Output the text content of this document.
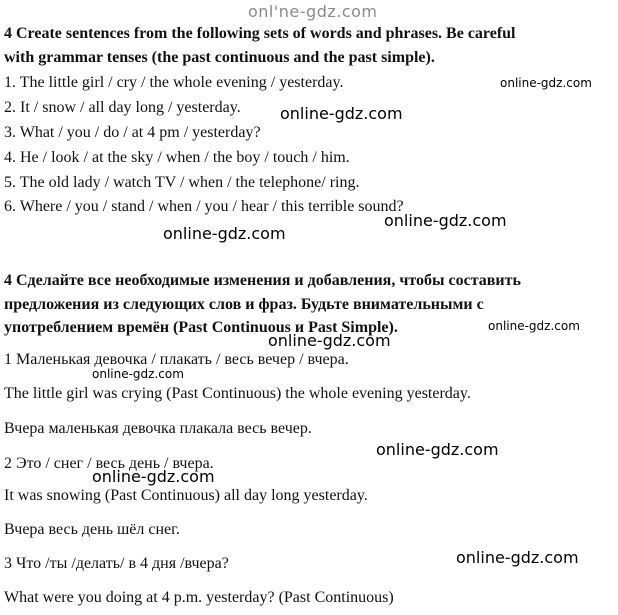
onl'ne-gdz.com
4 Create sentences from the following sets of words and phrases. Be careful
with grammar tenses (the past continuous and the past simple).
1. The little girl / cry / the whole evening / yesterday.
2. It / snow / all day long / yesterday.
3. What / you / do / at 4 pm / yesterday?
4. He / look / at the sky / when / the boy / touch / him.
5. The old lady / watch TV / when / the telephone/ ring.
6. Where / you / stand / when / you / hear / this terrible sound?
4 Сделайте все необходимые изменения и добавления, чтобы составить
предложения из следующих слов и фраз. Будьте внимательными с
употреблением времён (Past Continuous и Past Simple).
1 Маленькая девочка / плакать / весь вечер / вчера.
The little girl was crying (Past Continuous) the whole evening yesterday.
Вчера маленькая девочка плакала весь вечер.
2 Это / снег / весь день / вчера.
It was snowing (Past Continuous) all day long yesterday.
Вчера весь день шёл снег.
3 Что /ты /делать/ в 4 дня /вчера?
What were you doing at 4 p.m. yesterday? (Past Continuous)
online-gdz.com
online-gdz.com
online-gdz.com
online-gdz.com
online-gdz.com
online-gdz.com
online-gdz.com
online-gdz.com
online-gdz.com
online-gdz.com
